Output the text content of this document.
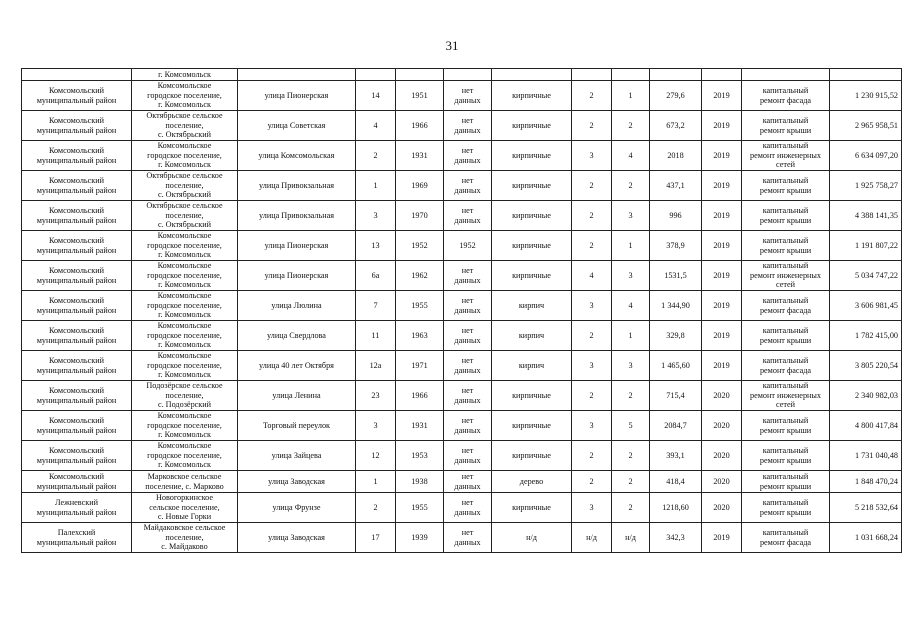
31
	г. Комсомольск											
Комсомольский
муниципальный район	Комсомольское
городское поселение,
г. Комсомольск	улица Пионерская	14	1951	нет
данных	кирпичные	2	1	279,6	2019	капитальный
ремонт фасада	1 230 915,52
Комсомольский
муниципальный район	Октябрьское сельское
поселение,
с. Октябрьский	улица Советская	4	1966	нет
данных	кирпичные	2	2	673,2	2019	капитальный
ремонт крыши	2 965 958,51
Комсомольский
муниципальный район	Комсомольское
городское поселение,
г. Комсомольск	улица Комсомольская	2	1931	нет
данных	кирпичные	3	4	2018	2019	капитальный
ремонт инженерных
сетей	6 634 097,20
Комсомольский
муниципальный район	Октябрьское сельское
поселение,
с. Октябрьский	улица Привокзальная	1	1969	нет
данных	кирпичные	2	2	437,1	2019	капитальный
ремонт крыши	1 925 758,27
Комсомольский
муниципальный район	Октябрьское сельское
поселение,
с. Октябрьский	улица Привокзальная	3	1970	нет
данных	кирпичные	2	3	996	2019	капитальный
ремонт крыши	4 388 141,35
Комсомольский
муниципальный район	Комсомольское
городское поселение,
г. Комсомольск	улица Пионерская	13	1952	1952	кирпичные	2	1	378,9	2019	капитальный
ремонт крыши	1 191 807,22
Комсомольский
муниципальный район	Комсомольское
городское поселение,
г. Комсомольск	улица Пионерская	6а	1962	нет
данных	кирпичные	4	3	1531,5	2019	капитальный
ремонт инженерных
сетей	5 034 747,22
Комсомольский
муниципальный район	Комсомольское
городское поселение,
г. Комсомольск	улица Люлина	7	1955	нет
данных	кирпич	3	4	1 344,90	2019	капитальный
ремонт фасада	3 606 981,45
Комсомольский
муниципальный район	Комсомольское
городское поселение,
г. Комсомольск	улица Свердлова	11	1963	нет
данных	кирпич	2	1	329,8	2019	капитальный
ремонт крыши	1 782 415,00
Комсомольский
муниципальный район	Комсомольское
городское поселение,
г. Комсомольск	улица 40 лет Октября	12а	1971	нет
данных	кирпич	3	3	1 465,60	2019	капитальный
ремонт фасада	3 805 220,54
Комсомольский
муниципальный район	Подозёрское сельское
поселение,
с. Подозёрский	улица Ленина	23	1966	нет
данных	кирпичные	2	2	715,4	2020	капитальный
ремонт инженерных
сетей	2 340 982,03
Комсомольский
муниципальный район	Комсомольское
городское поселение,
г. Комсомольск	Торговый переулок	3	1931	нет
данных	кирпичные	3	5	2084,7	2020	капитальный
ремонт крыши	4 800 417,84
Комсомольский
муниципальный район	Комсомольское
городское поселение,
г. Комсомольск	улица Зайцева	12	1953	нет
данных	кирпичные	2	2	393,1	2020	капитальный
ремонт крыши	1 731 040,48
Комсомольский
муниципальный район	Марковское сельское
поселение, с. Марково	улица Заводская	1	1938	нет
данных	дерево	2	2	418,4	2020	капитальный
ремонт крыши	1 848 470,24
Лежневский
муниципальный район	Новогоркинское
сельское поселение,
с. Новые Горки	улица Фрунзе	2	1955	нет
данных	кирпичные	3	2	1218,60	2020	капитальный
ремонт крыши	5 218 532,64
Палехский
муниципальный район	Майдаковское сельское
поселение,
с. Майдаково	улица Заводская	17	1939	нет
данных	н/д	н/д	н/д	342,3	2019	капитальный
ремонт фасада	1 031 668,24
